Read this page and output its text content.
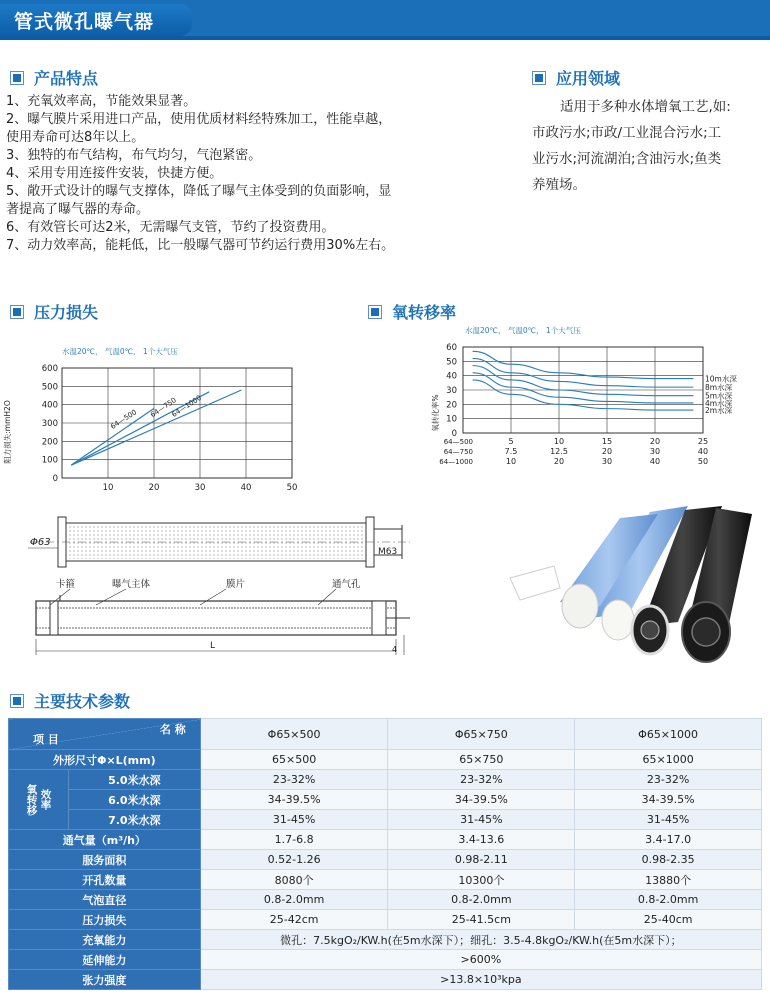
管式微孔曝气器
产品特点
1、充氧效率高，节能效果显著。
2、曝气膜片采用进口产品，使用优质材料经特殊加工，性能卓越，
使用寿命可达8年以上。
3、独特的布气结构，布气均匀，气泡紧密。
4、采用专用连接件安装，快捷方便。
5、敞开式设计的曝气支撑体，降低了曝气主体受到的负面影响，显
著提高了曝气器的寿命。
6、有效管长可达2米，无需曝气支管，节约了投资费用。
7、动力效率高，能耗低，比一般曝气器可节约运行费用30%左右。
应用领域
适用于多种水体增氧工艺,如:
市政污水;市政/工业混合污水;工
业污水;河流湖泊;含油污水;鱼类
养殖场。
压力损失	氧转移率
水温20℃， 气温0℃， 1个大气压
阻力损失:mmH2O
0
100
200
300
400
500
600
10	20	30	40	50
64—500
64—750
64—1000
水温20℃， 气温0℃， 1个大气压
氧转化率%
0
10
20
30
40
50
60
64—500	5	10	15	20	25
64—750	7.5	12.5	20	30	40
64—1000	10	20	30	40	50
10m水深
8m水深
5m水深
4m水深
2m水深
Φ63
M63
卡箍	曝气主体	膜片	通气孔
L	4
主要技术参数
名 称
项 目		Φ65×500	Φ65×750	Φ65×1000
外形尺寸Φ×L(mm)		65×500	65×750	65×1000

氧转移 效率	5.0米水深	23-32%	23-32%	23-32%
	6.0米水深	34-39.5%	34-39.5%	34-39.5%
	7.0米水深	31-45%	31-45%	31-45%
通气量（m³/h）		1.7-6.8	3.4-13.6	3.4-17.0
服务面积		0.52-1.26	0.98-2.11	0.98-2.35
开孔数量		8080个	10300个	13880个
气泡直径		0.8-2.0mm	0.8-2.0mm	0.8-2.0mm
压力损失		25-42cm	25-41.5cm	25-40cm
充氧能力		微孔：7.5kgO₂/KW.h(在5m水深下）；细孔：3.5-4.8kgO₂/KW.h(在5m水深下）；		
延伸能力		>600%		
张力强度		>13.8×10³kpa		
